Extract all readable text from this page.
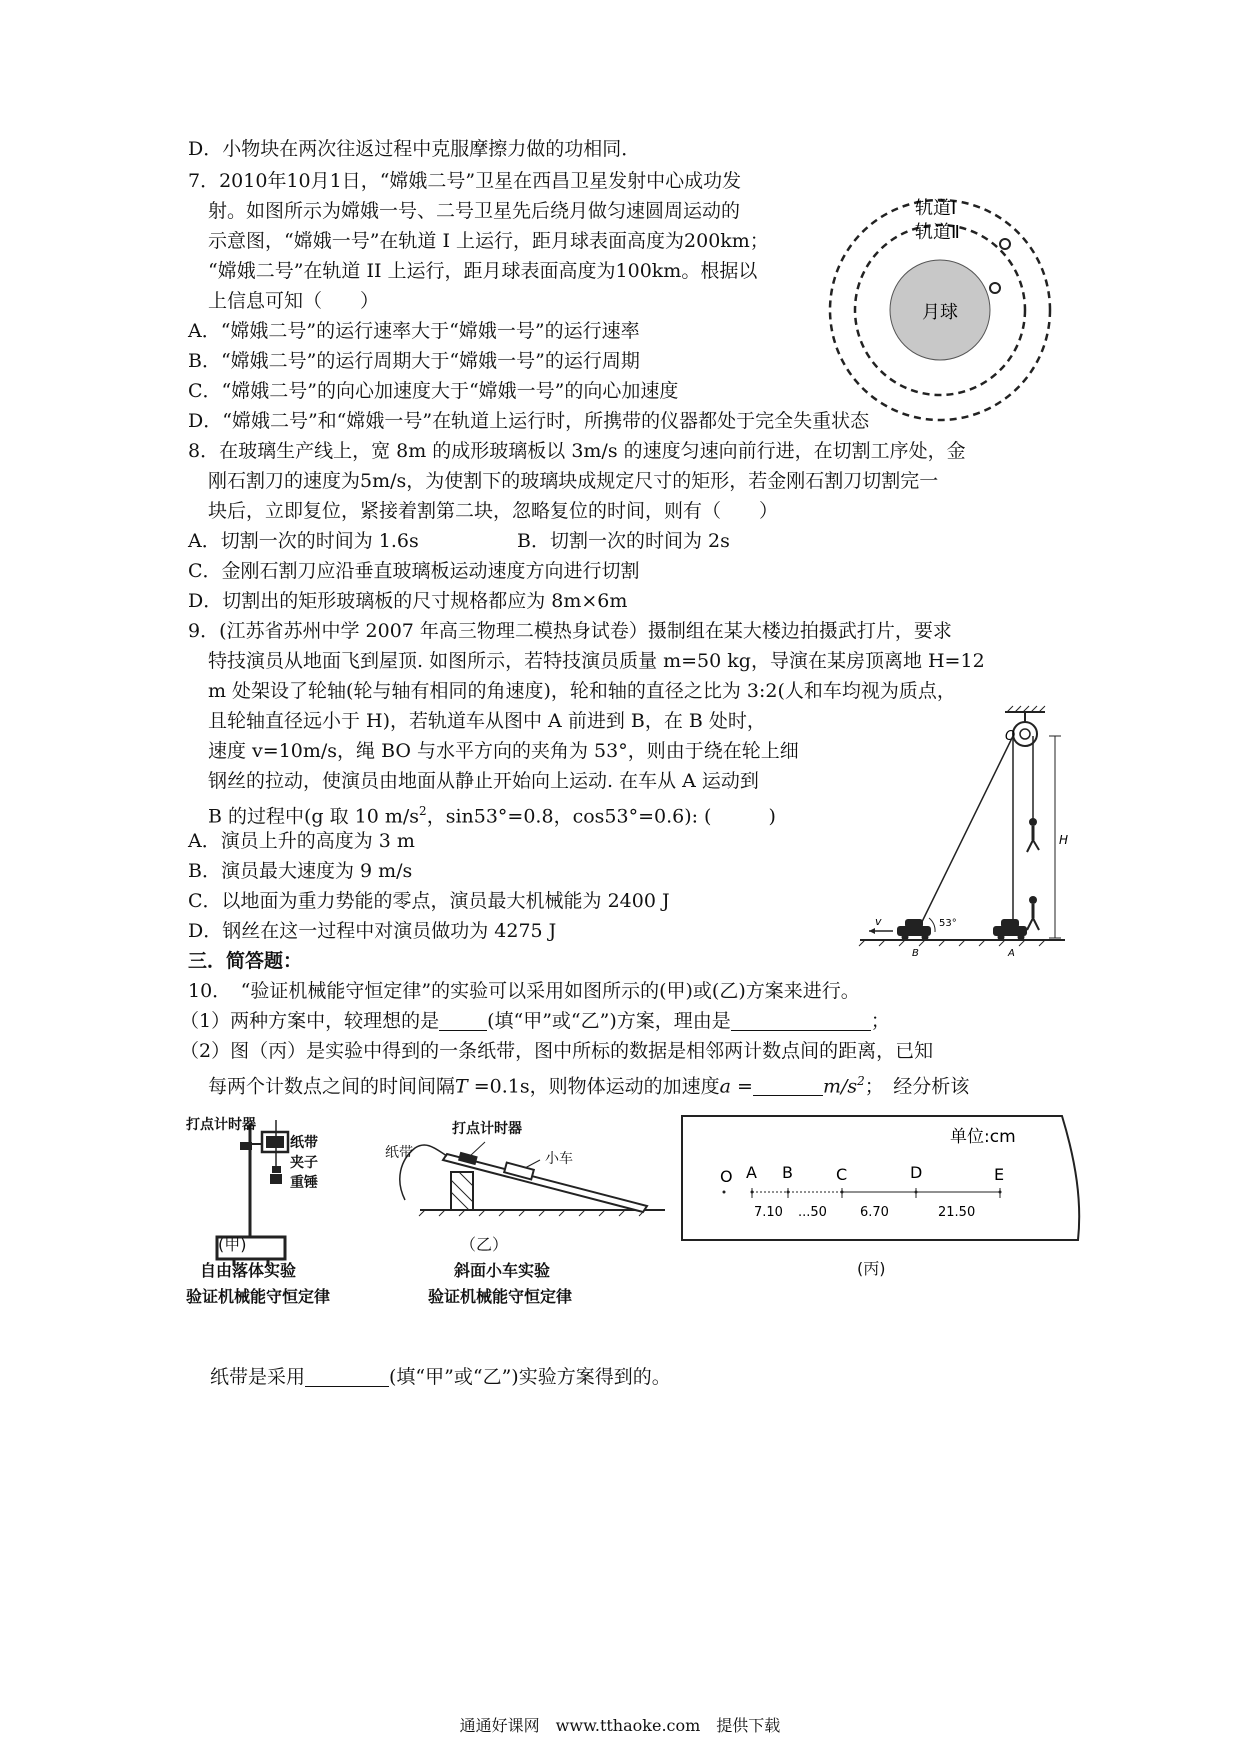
D．小物块在两次往返过程中克服摩擦力做的功相同．
7．2010年10月1日，“嫦娥二号”卫星在西昌卫星发射中心成功发
射。如图所示为嫦娥一号、二号卫星先后绕月做匀速圆周运动的
示意图，“嫦娥一号”在轨道 I 上运行，距月球表面高度为200km；
“嫦娥二号”在轨道 II 上运行，距月球表面高度为100km。根据以
上信息可知（　　）
A．“嫦娥二号”的运行速率大于“嫦娥一号”的运行速率
B．“嫦娥二号”的运行周期大于“嫦娥一号”的运行周期
C．“嫦娥二号”的向心加速度大于“嫦娥一号”的向心加速度
D．“嫦娥二号”和“嫦娥一号”在轨道上运行时，所携带的仪器都处于完全失重状态
轨道Ⅰ
轨道Ⅱ
月球
8．在玻璃生产线上，宽 8m 的成形玻璃板以 3m/s 的速度匀速向前行进，在切割工序处，金
刚石割刀的速度为5m/s，为使割下的玻璃块成规定尺寸的矩形，若金刚石割刀切割完一
块后，立即复位，紧接着割第二块，忽略复位的时间，则有（　　）
A．切割一次的时间为 1.6s	B．切割一次的时间为 2s
C．金刚石割刀应沿垂直玻璃板运动速度方向进行切割
D．切割出的矩形玻璃板的尺寸规格都应为 8m×6m
9．(江苏省苏州中学 2007 年高三物理二模热身试卷）摄制组在某大楼边拍摄武打片，要求
特技演员从地面飞到屋顶. 如图所示，若特技演员质量 m=50 kg，导演在某房顶离地 H=12
m 处架设了轮轴(轮与轴有相同的角速度)，轮和轴的直径之比为 3:2(人和车均视为质点，
且轮轴直径远小于 H)，若轨道车从图中 A 前进到 B，在 B 处时，
速度 v=10m/s，绳 BO 与水平方向的夹角为 53°，则由于绕在轮上细
钢丝的拉动，使演员由地面从静止开始向上运动. 在车从 A 运动到
B 的过程中(g 取 10 $m/s^2$，sin53°=0.8，cos53°=0.6): (　　　)
A．演员上升的高度为 3 m
B．演员最大速度为 9 m/s
C．以地面为重力势能的零点，演员最大机械能为 2400 J
D．钢丝在这一过程中对演员做功为 4275 J
O
H
v	53°
B	A
三．简答题：
10．　“验证机械能守恒定律”的实验可以采用如图所示的(甲)或(乙)方案来进行。
（1）两种方案中，较理想的是	(填“甲”或“乙”)方案，理由是	；
（2）图（丙）是实验中得到的一条纸带，图中所标的数据是相邻两计数点间的距离，已知
每两个计数点之间的时间间隔T =0.1s，则物体运动的加速度a =	$m/s^2$；　经分析该
打点计时器
纸带
夹子
重锤
(甲)
自由落体实验
验证机械能守恒定律
打点计时器
纸带	小车
（乙）
斜面小车实验
验证机械能守恒定律
单位:cm
O A B	C	D	E
7.10 ...50	6.70	21.50
(丙)
纸带是采用	(填“甲”或“乙”)实验方案得到的。
通通好课网　www.tthaoke.com　提供下载
